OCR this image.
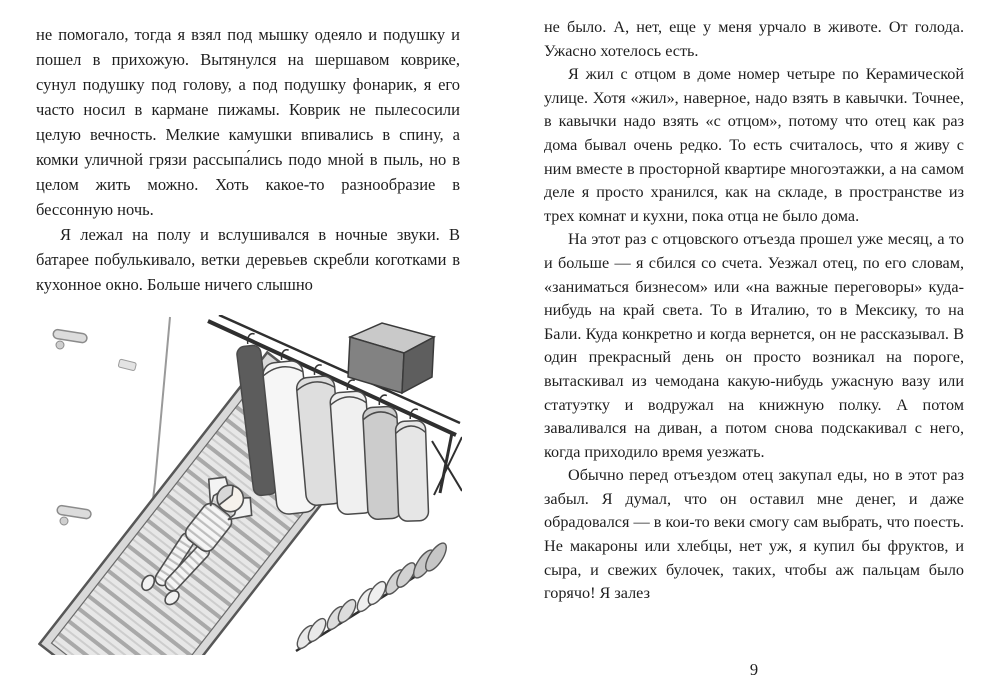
не помогало, тогда я взял под мышку одеяло и подушку и пошел в прихожую. Вытянулся на шершавом коврике, сунул подушку под голову, а под подушку фонарик, я его часто носил в кармане пижамы. Коврик не пылесосили целую вечность. Мелкие камушки впивались в спину, а комки уличной грязи рассыпа́лись подо мной в пыль, но в целом жить можно. Хоть какое-то разнообразие в бессонную ночь.

Я лежал на полу и вслушивался в ночные звуки. В батарее побулькивало, ветки деревьев скребли коготками в кухонное окно. Больше ничего слышно

не было. А, нет, еще у меня урчало в животе. От голода. Ужасно хотелось есть.

Я жил с отцом в доме номер четыре по Керамической улице. Хотя «жил», наверное, надо взять в кавычки. Точнее, в кавычки надо взять «с отцом», потому что отец как раз дома бывал очень редко. То есть считалось, что я живу с ним вместе в просторной квартире многоэтажки, а на самом деле я просто хранился, как на складе, в пространстве из трех комнат и кухни, пока отца не было дома.

На этот раз с отцовского отъезда прошел уже месяц, а то и больше — я сбился со счета. Уезжал отец, по его словам, «заниматься бизнесом» или «на важные переговоры» куда-нибудь на край света. То в Италию, то в Мексику, то на Бали. Куда конкретно и когда вернется, он не рассказывал. В один прекрасный день он просто возникал на пороге, вытаскивал из чемодана какую-нибудь ужасную вазу или статуэтку и водружал на книжную полку. А потом заваливался на диван, а потом снова подскакивал с него, когда приходило время уезжать.

Обычно перед отъездом отец закупал еды, но в этот раз забыл. Я думал, что он оставил мне денег, и даже обрадовался — в кои-то веки смогу сам выбрать, что поесть. Не макароны или хлебцы, нет уж, я купил бы фруктов, и сыра, и свежих булочек, таких, чтобы аж пальцам было горячо! Я залез

9
